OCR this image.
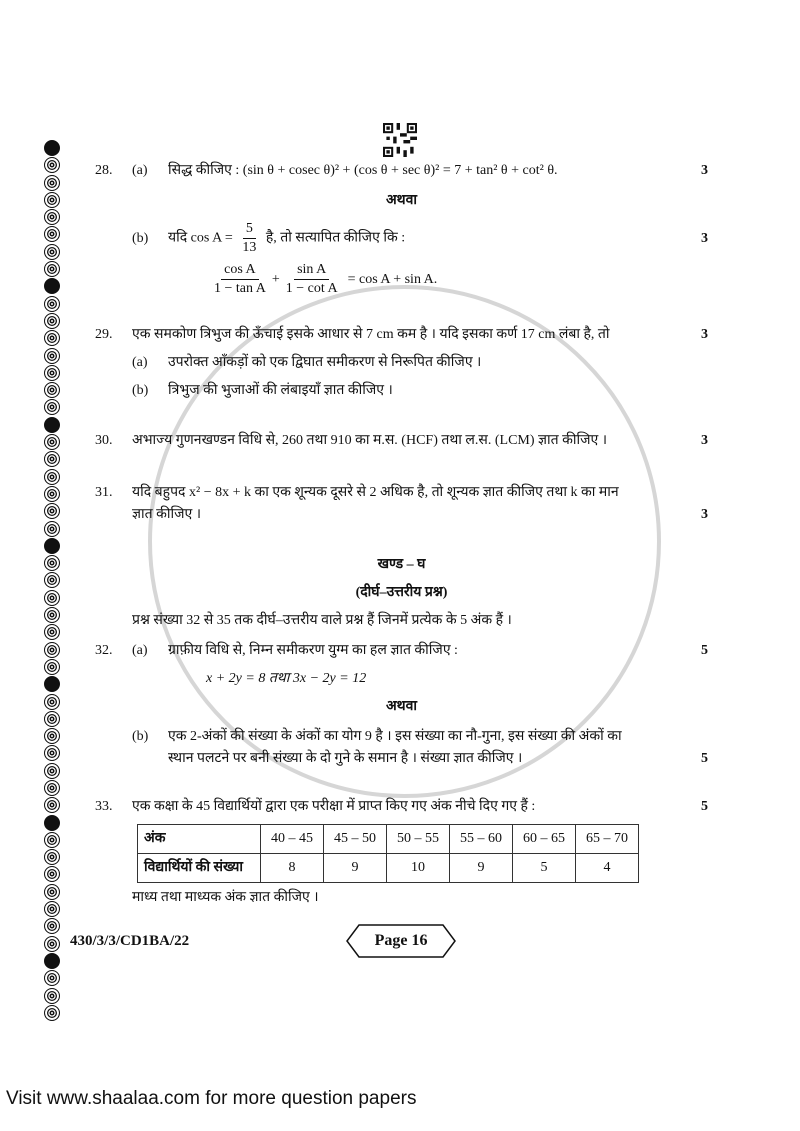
28.	(a)	सिद्ध कीजिए : (sin θ + cosec θ)² + (cos θ + sec θ)² = 7 + tan² θ + cot² θ.	3
अथवा
(b)	यदि $\cos A = \frac{5}{13}$ है, तो सत्यापित कीजिए कि :	3
$\frac{\text{cos A}}{\text{1 − tan A}} + \frac{\text{sin A}}{\text{1 − cot A}} = \cos A + \sin A$.
29.	एक समकोण त्रिभुज की ऊँचाई इसके आधार से 7 cm कम है । यदि इसका कर्ण 17 cm लंबा है, तो	3
(a)	उपरोक्त आँकड़ों को एक द्विघात समीकरण से निरूपित कीजिए ।
(b)	त्रिभुज की भुजाओं की लंबाइयाँ ज्ञात कीजिए ।
30.	अभाज्य गुणनखण्डन विधि से, 260 तथा 910 का म.स. (HCF) तथा ल.स. (LCM) ज्ञात कीजिए ।	3
31.	यदि बहुपद x² − 8x + k का एक शून्यक दूसरे से 2 अधिक है, तो शून्यक ज्ञात कीजिए तथा k का मान
ज्ञात कीजिए ।	3
खण्ड – घ
(दीर्घ–उत्तरीय प्रश्न)
प्रश्न संख्या 32 से 35 तक दीर्घ–उत्तरीय वाले प्रश्न हैं जिनमें प्रत्येक के 5 अंक हैं ।
32.	(a)	ग्राफ़ीय विधि से, निम्न समीकरण युग्म का हल ज्ञात कीजिए :	5
x + 2y = 8 तथा 3x − 2y = 12
अथवा
(b)	एक 2-अंकों की संख्या के अंकों का योग 9 है । इस संख्या का नौ-गुना, इस संख्या की अंकों का
स्थान पलटने पर बनी संख्या के दो गुने के समान है । संख्या ज्ञात कीजिए ।	5
33.	एक कक्षा के 45 विद्यार्थियों द्वारा एक परीक्षा में प्राप्त किए गए अंक नीचे दिए गए हैं :	5
अंक	40 – 45	45 – 50	50 – 55	55 – 60	60 – 65	65 – 70
विद्यार्थियों की संख्या	8	9	10	9	5	4
माध्य तथा माध्यक अंक ज्ञात कीजिए ।
430/3/3/CD1BA/22	Page 16
Visit www.shaalaa.com for more question papers
